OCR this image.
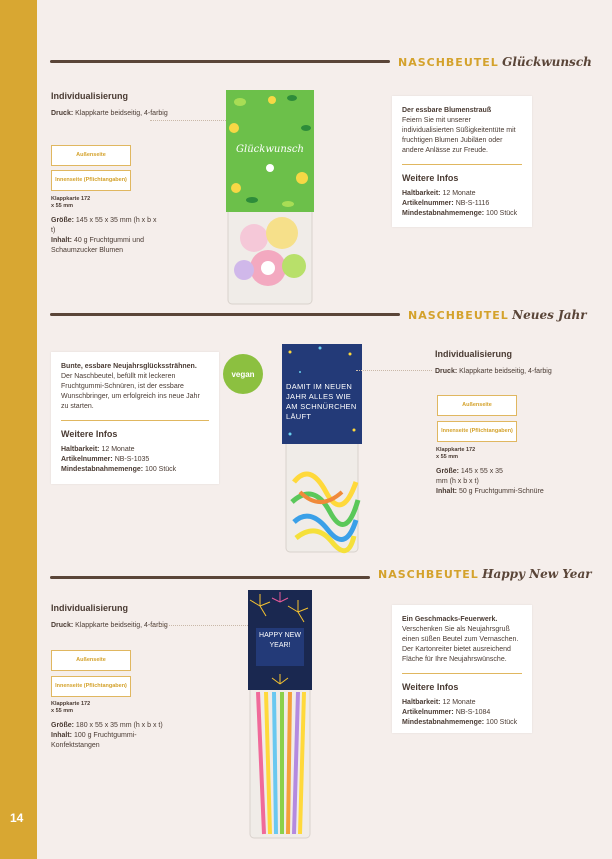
14
NASCHBEUTEL Glückwunsch
Individualisierung
Druck: Klappkarte beidseitig, 4-farbig
Außenseite
Innenseite (Pflichtangaben)
Klappkarte 172 x 55 mm
Größe: 145 x 55 x 35 mm (h x b x t)
Inhalt: 40 g Fruchtgummi und Schaumzucker Blumen
Glückwunsch
Der essbare Blumenstrauß
Feiern Sie mit unserer individualisierten Süßigkeitentüte mit fruchtigen Blumen Jubiläen oder andere Anlässe zur Freude.
Weitere Infos
Haltbarkeit: 12 Monate
Artikelnummer: NB-S-1116
Mindestabnahmemenge: 100 Stück
NASCHBEUTEL Neues Jahr
Bunte, essbare Neujahrsglückssträhnen.
Der Naschbeutel, befüllt mit leckeren Fruchtgummi-Schnüren, ist der essbare Wunschbringer, um erfolgreich ins neue Jahr zu starten.
Weitere Infos
Haltbarkeit: 12 Monate
Artikelnummer: NB-S-1035
Mindestabnahmemenge: 100 Stück
vegan
DAMIT IM NEUEN JAHR ALLES WIE AM SCHNÜRCHEN LÄUFT
Individualisierung
Druck: Klappkarte beidseitig, 4-farbig
Außenseite
Innenseite (Pflichtangaben)
Klappkarte 172 x 55 mm
Größe: 145 x 55 x 35 mm (h x b x t)
Inhalt: 50 g Fruchtgummi-Schnüre
NASCHBEUTEL Happy New Year
Individualisierung
Druck: Klappkarte beidseitig, 4-farbig
Außenseite
Innenseite (Pflichtangaben)
Klappkarte 172 x 55 mm
Größe: 180 x 55 x 35 mm (h x b x t)
Inhalt: 100 g Fruchtgummi-Konfektstangen
HAPPY NEW YEAR!
Ein Geschmacks-Feuerwerk.
Verschenken Sie als Neujahrsgruß einen süßen Beutel zum Vernaschen. Der Kartonreiter bietet ausreichend Fläche für Ihre Neujahrswünsche.
Weitere Infos
Haltbarkeit: 12 Monate
Artikelnummer: NB-S-1084
Mindestabnahmemenge: 100 Stück
